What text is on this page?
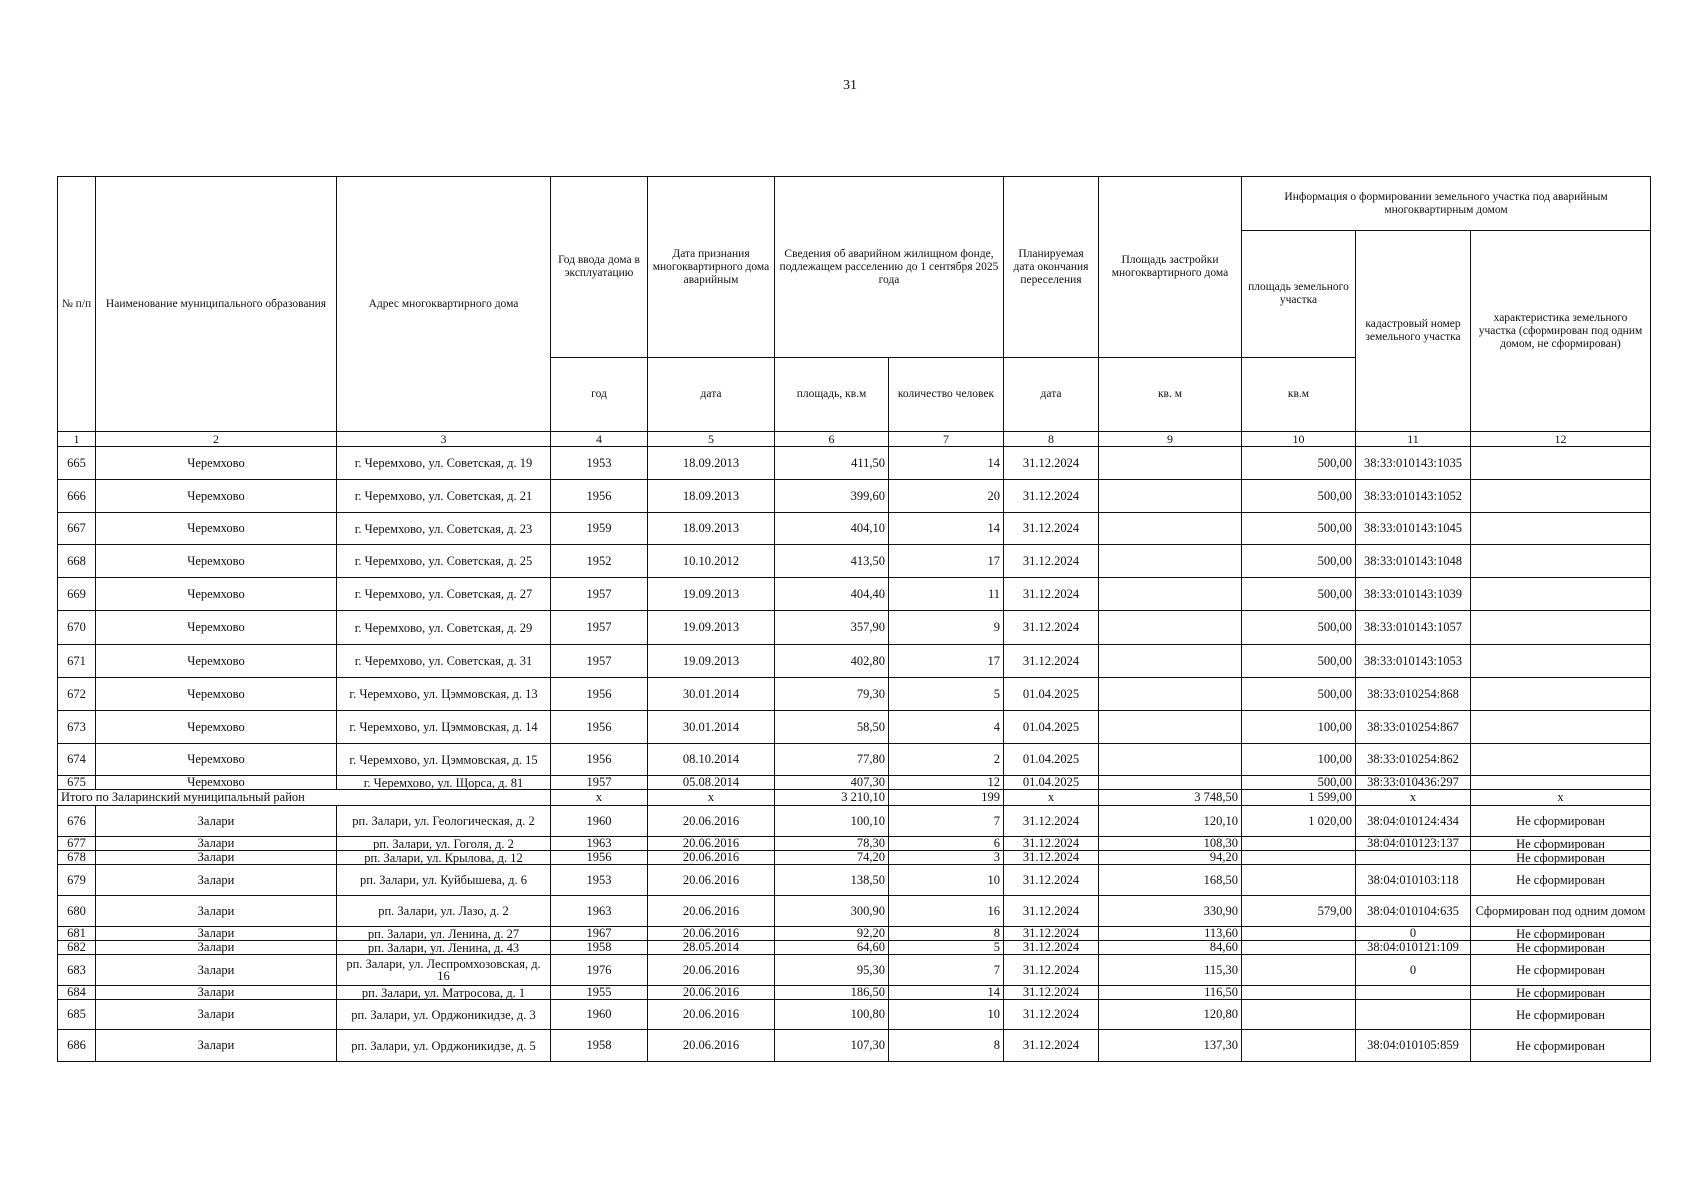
31
№ п/п	Наименование муниципального образования	Адрес многоквартирного дома	Год ввода дома в эксплуатацию	Дата признания многоквартирного дома аварийным	Сведения об аварийном жилищном фонде, подлежащем расселению до 1 сентября 2025 года		Планируемая дата окончания переселения	Площадь застройки многоквартирного дома	Информация о формировании земельного участка под аварийным многоквартирным домом		
									площадь земельного участка	кадастровый номер земельного участка	характеристика земельного участка (сформирован под одним домом, не сформирован)
			год	дата	площадь, кв.м	количество человек	дата	кв. м	кв.м		
1	2	3	4	5	6	7	8	9	10	11	12
665	Черемхово	г. Черемхово, ул. Советская, д. 19	1953	18.09.2013	411,50	14	31.12.2024		500,00	38:33:010143:1035	
666	Черемхово	г. Черемхово, ул. Советская, д. 21	1956	18.09.2013	399,60	20	31.12.2024		500,00	38:33:010143:1052	
667	Черемхово	г. Черемхово, ул. Советская, д. 23	1959	18.09.2013	404,10	14	31.12.2024		500,00	38:33:010143:1045	
668	Черемхово	г. Черемхово, ул. Советская, д. 25	1952	10.10.2012	413,50	17	31.12.2024		500,00	38:33:010143:1048	
669	Черемхово	г. Черемхово, ул. Советская, д. 27	1957	19.09.2013	404,40	11	31.12.2024		500,00	38:33:010143:1039	
670	Черемхово	г. Черемхово, ул. Советская, д. 29	1957	19.09.2013	357,90	9	31.12.2024		500,00	38:33:010143:1057	
671	Черемхово	г. Черемхово, ул. Советская, д. 31	1957	19.09.2013	402,80	17	31.12.2024		500,00	38:33:010143:1053	
672	Черемхово	г. Черемхово, ул. Цэммовская, д. 13	1956	30.01.2014	79,30	5	01.04.2025		500,00	38:33:010254:868	
673	Черемхово	г. Черемхово, ул. Цэммовская, д. 14	1956	30.01.2014	58,50	4	01.04.2025		100,00	38:33:010254:867	
674	Черемхово	г. Черемхово, ул. Цэммовская, д. 15	1956	08.10.2014	77,80	2	01.04.2025		100,00	38:33:010254:862	
675	Черемхово	г. Черемхово, ул. Щорса, д. 81	1957	05.08.2014	407,30	12	01.04.2025		500,00	38:33:010436:297	
Итого по Заларинский муниципальный район			х	х	3 210,10	199	х	3 748,50	1 599,00	х	х
676	Залари	рп. Залари, ул. Геологическая, д. 2	1960	20.06.2016	100,10	7	31.12.2024	120,10	1 020,00	38:04:010124:434	Не сформирован
677	Залари	рп. Залари, ул. Гоголя, д. 2	1963	20.06.2016	78,30	6	31.12.2024	108,30		38:04:010123:137	Не сформирован
678	Залари	рп. Залари, ул. Крылова, д. 12	1956	20.06.2016	74,20	3	31.12.2024	94,20			Не сформирован
679	Залари	рп. Залари, ул. Куйбышева, д. 6	1953	20.06.2016	138,50	10	31.12.2024	168,50		38:04:010103:118	Не сформирован
680	Залари	рп. Залари, ул. Лазо, д. 2	1963	20.06.2016	300,90	16	31.12.2024	330,90	579,00	38:04:010104:635	Сформирован под одним домом
681	Залари	рп. Залари, ул. Ленина, д. 27	1967	20.06.2016	92,20	8	31.12.2024	113,60		0	Не сформирован
682	Залари	рп. Залари, ул. Ленина, д. 43	1958	28.05.2014	64,60	5	31.12.2024	84,60		38:04:010121:109	Не сформирован
683	Залари	рп. Залари, ул. Леспромхозовская, д. 16	1976	20.06.2016	95,30	7	31.12.2024	115,30		0	Не сформирован
684	Залари	рп. Залари, ул. Матросова, д. 1	1955	20.06.2016	186,50	14	31.12.2024	116,50			Не сформирован
685	Залари	рп. Залари, ул. Орджоникидзе, д. 3	1960	20.06.2016	100,80	10	31.12.2024	120,80			Не сформирован
686	Залари	рп. Залари, ул. Орджоникидзе, д. 5	1958	20.06.2016	107,30	8	31.12.2024	137,30		38:04:010105:859	Не сформирован
